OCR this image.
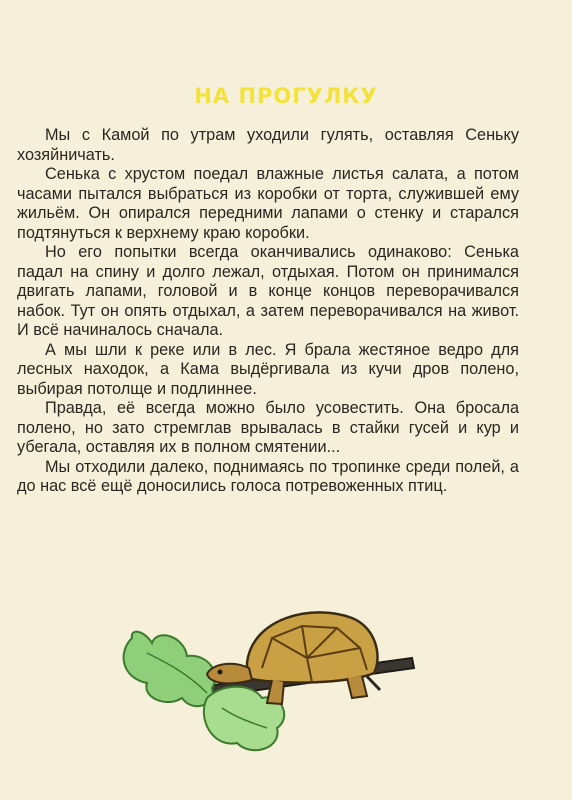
НА ПРОГУЛКУ

Мы с Камой по утрам уходили гулять, оставляя Сеньку хозяйничать.

Сенька с хрустом поедал влажные листья салата, а потом часами пытался выбраться из коробки от торта, служившей ему жильём. Он опирался передними лапами о стенку и старался подтянуться к верхнему краю коробки.

Но его попытки всегда оканчивались одинаково: Сенька падал на спину и долго лежал, отдыхая. Потом он принимался двигать лапами, головой и в конце концов переворачивался набок. Тут он опять отдыхал, а затем переворачивался на живот. И всё начиналось сначала.

А мы шли к реке или в лес. Я брала жестяное ведро для лесных находок, а Кама выдёргивала из кучи дров полено, выбирая потолще и подлиннее.

Правда, её всегда можно было усовестить. Она бросала полено, но зато стремглав врывалась в стайки гусей и кур и убегала, оставляя их в полном смятении...

Мы отходили далеко, поднимаясь по тропинке среди полей, а до нас всё ещё доносились голоса потревоженных птиц.
